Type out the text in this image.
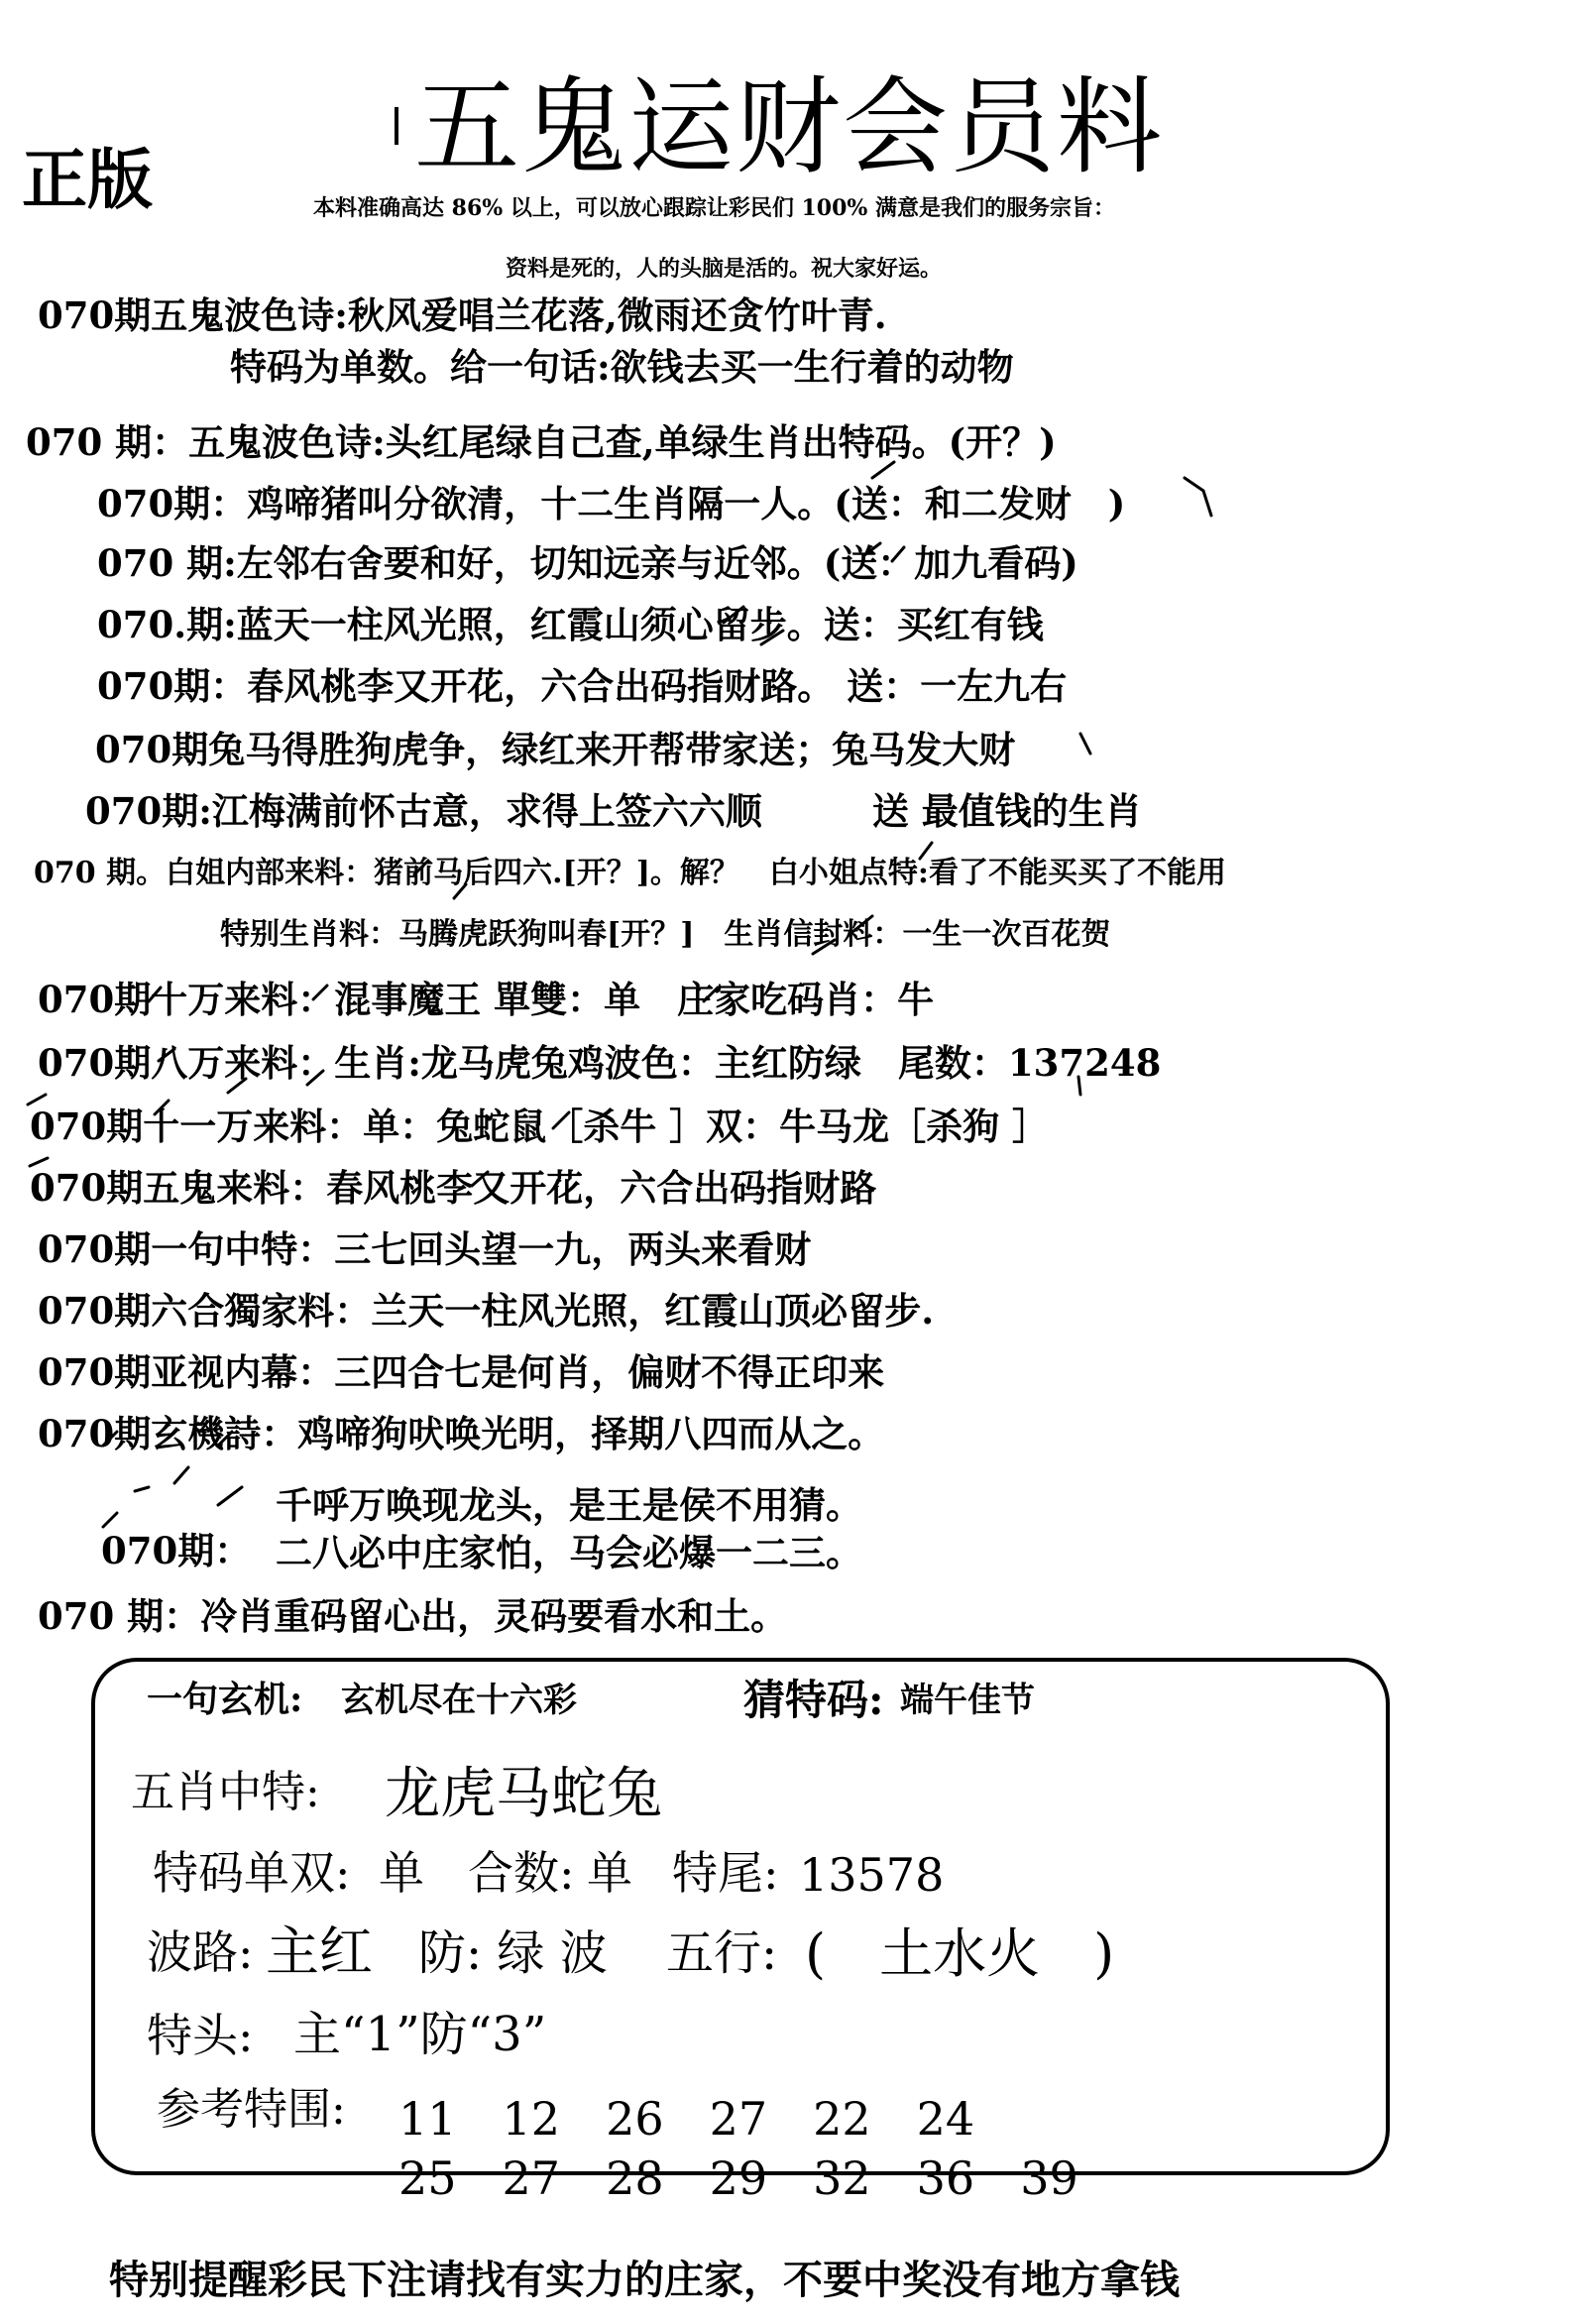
正版 五鬼运财会员料
本料准确高达 86% 以上，可以放心跟踪让彩民们 100% 满意是我们的服务宗旨：
资料是死的，人的头脑是活的。祝大家好运。
070期五鬼波色诗:秋风爱唱兰花落,微雨还贪竹叶青.
特码为单数。给一句话:欲钱去买一生行着的动物
070 期：五鬼波色诗:头红尾绿自己查,单绿生肖出特码。(开？)
070期：鸡啼猪叫分欲清，十二生肖隔一人。(送：和二发财　)
070 期:左邻右舍要和好，切知远亲与近邻。(送：加九看码)
070.期:蓝天一柱风光照，红霞山须心留步。送：买红有钱
070期：春风桃李又开花，六合出码指财路。 送：一左九右
070期兔马得胜狗虎争，绿红来开帮带家送；兔马发大财
070期:江梅满前怀古意，求得上签六六顺　　　送 最值钱的生肖
070 期。白姐内部来料：猪前马后四六.[开？]。解？　白小姐点特:看了不能买买了不能用
特别生肖料：马腾虎跃狗叫春[开？]　生肖信封料：一生一次百花贺
070期十万来料：混事魔王 單雙：单　庄家吃码肖：牛
070期八万来料：生肖:龙马虎兔鸡波色：主红防绿　尾数：137248
070期十一万来料：单：兔蛇鼠［杀牛 ］双：牛马龙［杀狗 ］
070期五鬼来料：春风桃李又开花，六合出码指财路
070期一句中特：三七回头望一九，两头来看财
070期六合獨家料：兰天一柱风光照，红霞山顶必留步.
070期亚视内幕：三四合七是何肖，偏财不得正印来
070期玄機詩：鸡啼狗吠唤光明，择期八四而从之。
千呼万唤现龙头，是王是侯不用猜。
070期： 二八必中庄家怕，马会必爆一二三。
070 期：冷肖重码留心出，灵码要看水和土。
一句玄机: 玄机尽在十六彩	猜特码: 端午佳节
五肖中特: 龙虎马蛇兔
特码单双: 单 合数: 单 特尾: 13578
波路: 主红 防: 绿 波 五行: (　土水火　)
特头: 主“1”防“3”
参考特围: 11　12　26　27　22　24
25　27　28　29　32　36　39
特别提醒彩民下注请找有实力的庄家，不要中奖没有地方拿钱
